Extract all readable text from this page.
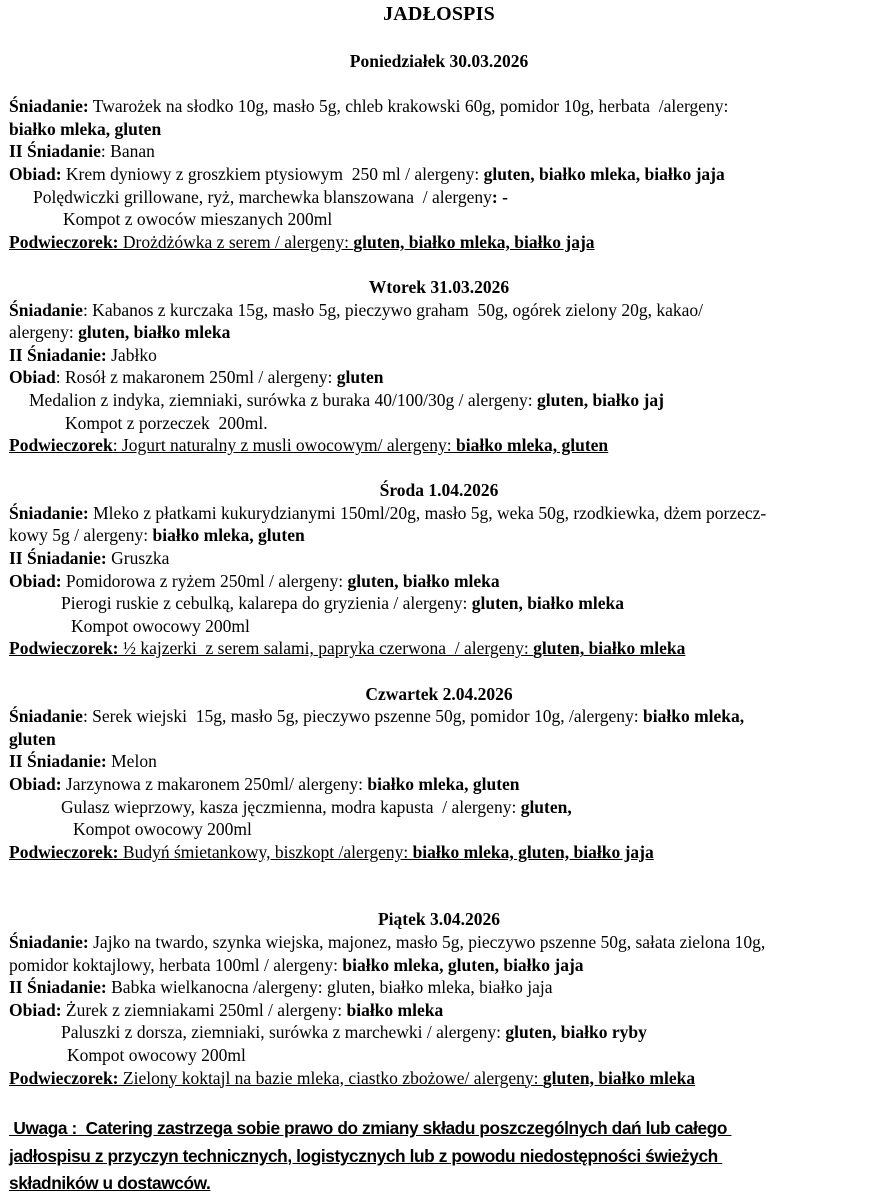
JADŁOSPIS
Poniedziałek 30.03.2026
Śniadanie: Twarożek na słodko 10g, masło 5g, chleb krakowski 60g, pomidor 10g, herbata  /alergeny:
białko mleka, gluten
II Śniadanie: Banan
Obiad: Krem dyniowy z groszkiem ptysiowym  250 ml / alergeny: gluten, białko mleka, białko jaja
Polędwiczki grillowane, ryż, marchewka blanszowana  / alergeny: -
Kompot z owoców mieszanych 200ml
Podwieczorek: Drożdżówka z serem / alergeny: gluten, białko mleka, białko jaja
Wtorek 31.03.2026
Śniadanie: Kabanos z kurczaka 15g, masło 5g, pieczywo graham  50g, ogórek zielony 20g, kakao/
alergeny: gluten, białko mleka
II Śniadanie: Jabłko
Obiad: Rosół z makaronem 250ml / alergeny: gluten
Medalion z indyka, ziemniaki, surówka z buraka 40/100/30g / alergeny: gluten, białko jaj
Kompot z porzeczek  200ml.
Podwieczorek: Jogurt naturalny z musli owocowym/ alergeny: białko mleka, gluten
Środa 1.04.2026
Śniadanie: Mleko z płatkami kukurydzianymi 150ml/20g, masło 5g, weka 50g, rzodkiewka, dżem porzecz-
kowy 5g / alergeny: białko mleka, gluten
II Śniadanie: Gruszka
Obiad: Pomidorowa z ryżem 250ml / alergeny: gluten, białko mleka
Pierogi ruskie z cebulką, kalarepa do gryzienia / alergeny: gluten, białko mleka
Kompot owocowy 200ml
Podwieczorek: ½ kajzerki  z serem salami, papryka czerwona  / alergeny: gluten, białko mleka
Czwartek 2.04.2026
Śniadanie: Serek wiejski  15g, masło 5g, pieczywo pszenne 50g, pomidor 10g, /alergeny: białko mleka,
gluten
II Śniadanie: Melon
Obiad: Jarzynowa z makaronem 250ml/ alergeny: białko mleka, gluten
Gulasz wieprzowy, kasza jęczmienna, modra kapusta  / alergeny: gluten,
Kompot owocowy 200ml
Podwieczorek: Budyń śmietankowy, biszkopt /alergeny: białko mleka, gluten, białko jaja
Piątek 3.04.2026
Śniadanie: Jajko na twardo, szynka wiejska, majonez, masło 5g, pieczywo pszenne 50g, sałata zielona 10g,
pomidor koktajlowy, herbata 100ml / alergeny: białko mleka, gluten, białko jaja
II Śniadanie: Babka wielkanocna /alergeny: gluten, białko mleka, białko jaja
Obiad: Żurek z ziemniakami 250ml / alergeny: białko mleka
Paluszki z dorsza, ziemniaki, surówka z marchewki / alergeny: gluten, białko ryby
Kompot owocowy 200ml
Podwieczorek: Zielony koktajl na bazie mleka, ciastko zbożowe/ alergeny: gluten, białko mleka
Uwaga :  Catering zastrzega sobie prawo do zmiany składu poszczególnych dań lub całego
jadłospisu z przyczyn technicznych, logistycznych lub z powodu niedostępności świeżych
składników u dostawców.
